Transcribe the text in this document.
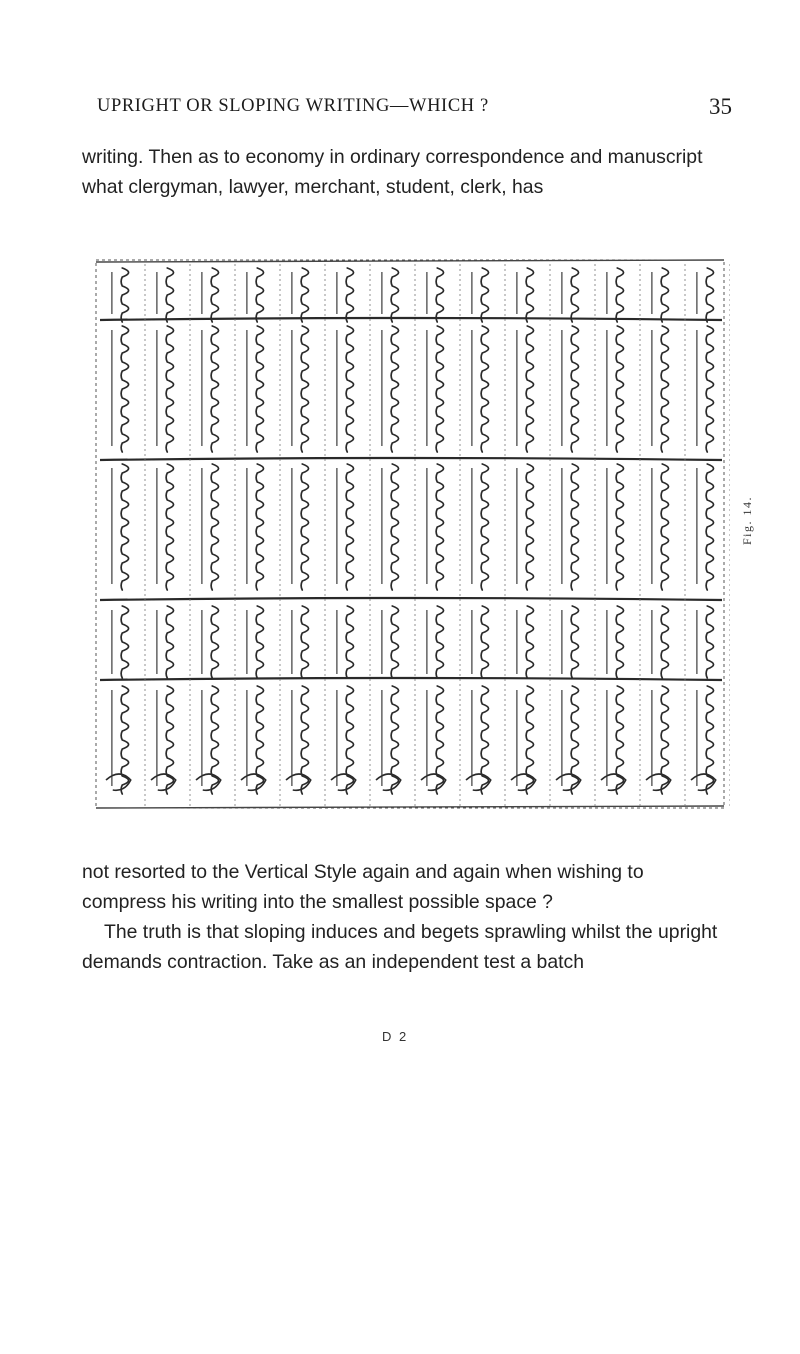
UPRIGHT OR SLOPING WRITING—WHICH ?	35

writing. Then as to economy in ordinary correspondence and manuscript what clergyman, lawyer, merchant, student, clerk, has

Fig. 14.

not resorted to the Vertical Style again and again when wishing to compress his writing into the smallest possible space ?

The truth is that sloping induces and begets sprawling whilst the upright demands contraction. Take as an independent test a batch

D 2
